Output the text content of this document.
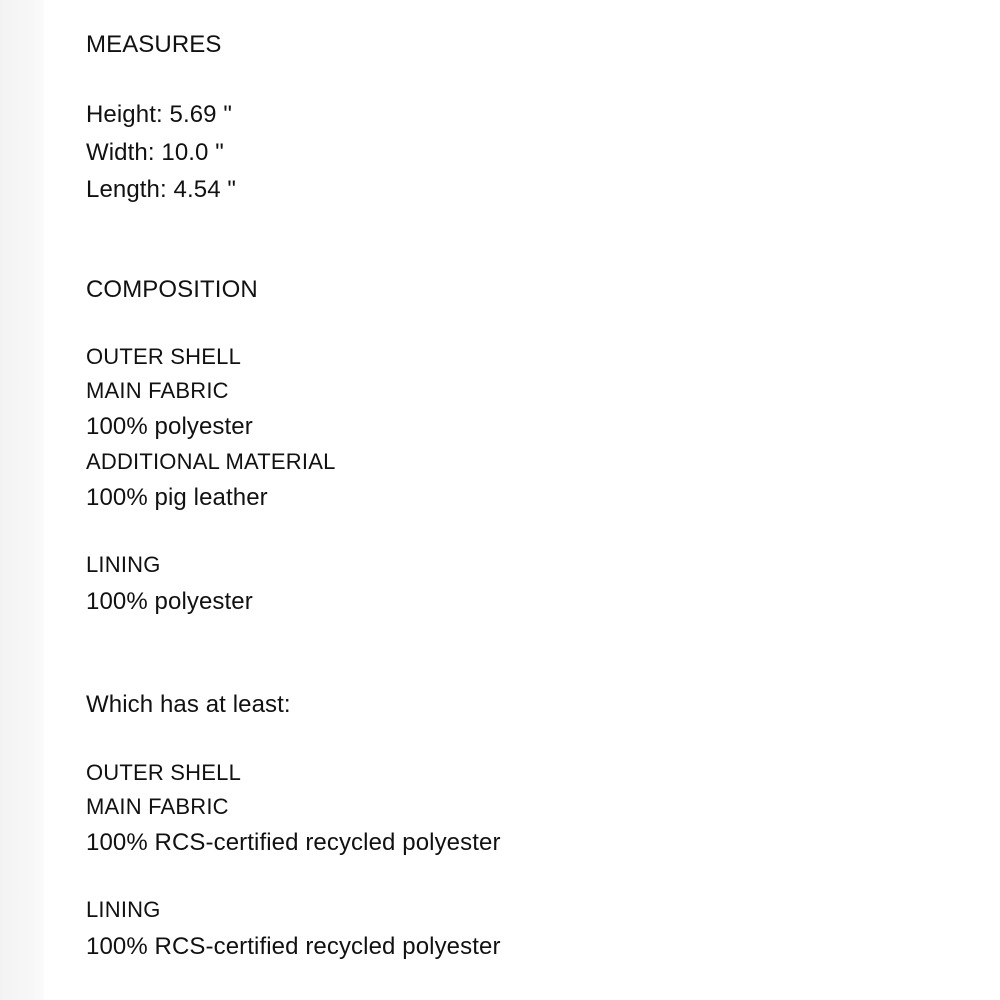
MEASURES
Height: 5.69 "
Width: 10.0 "
Length: 4.54 "
COMPOSITION
OUTER SHELL
MAIN FABRIC
100% polyester
ADDITIONAL MATERIAL
100% pig leather
LINING
100% polyester
Which has at least:
OUTER SHELL
MAIN FABRIC
100% RCS-certified recycled polyester
LINING
100% RCS-certified recycled polyester
